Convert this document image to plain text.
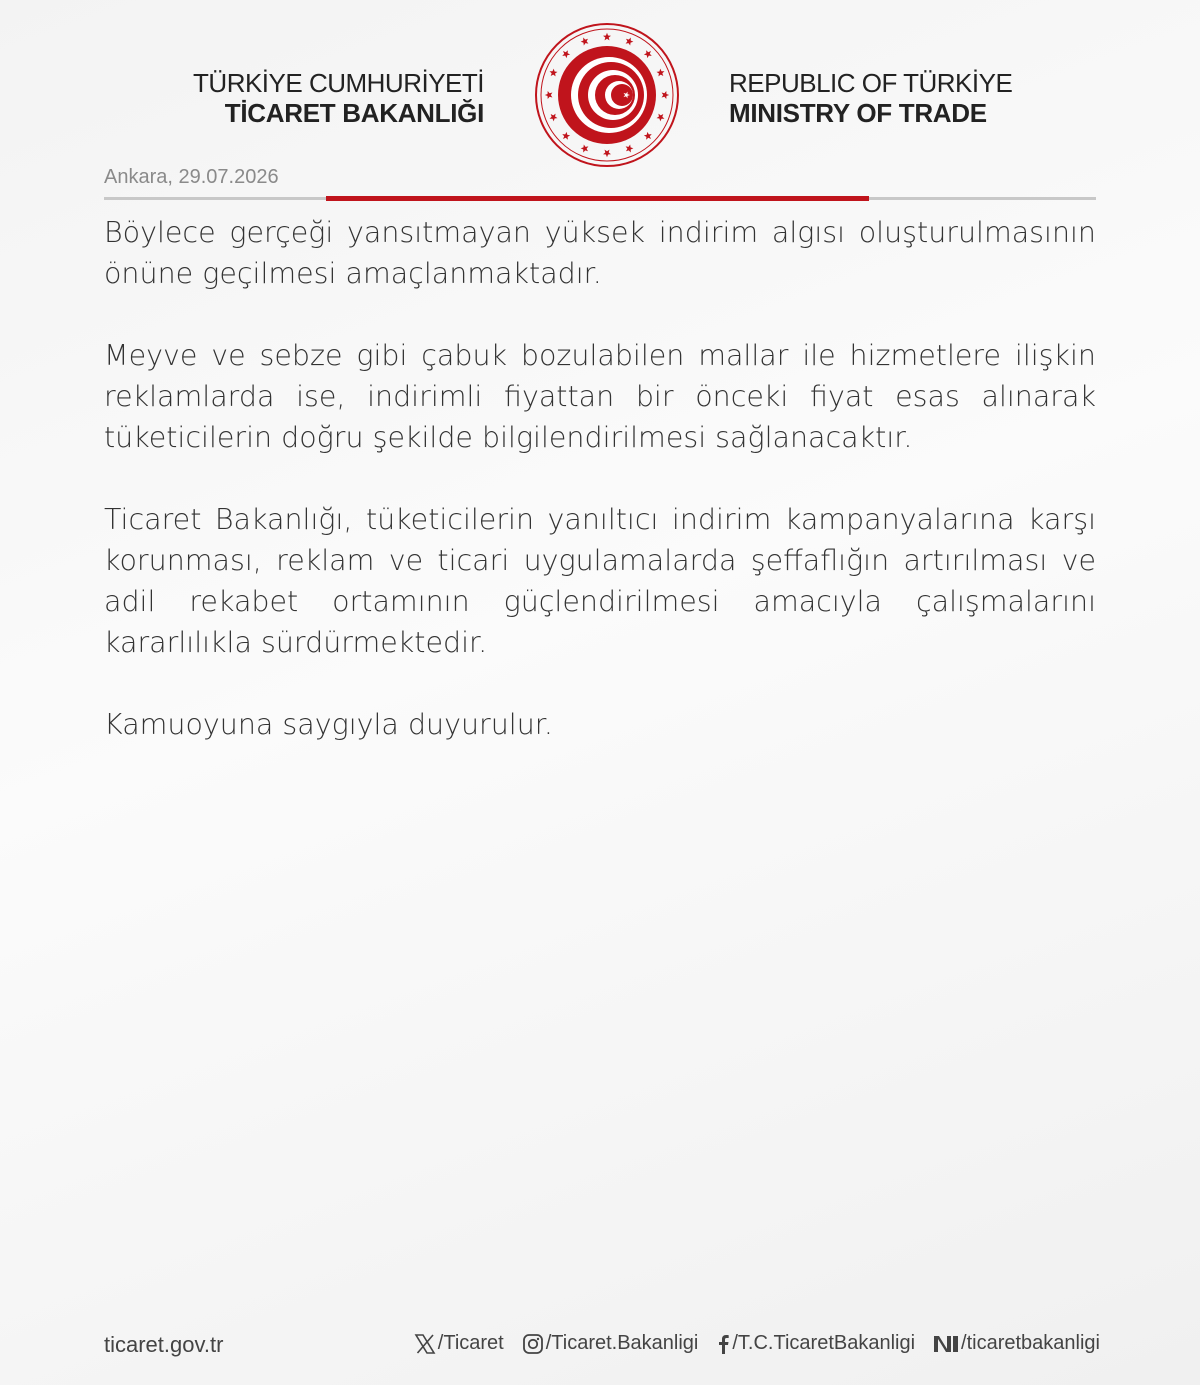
TÜRKİYE CUMHURİYETİ
TİCARET BAKANLIĞI
REPUBLIC OF TÜRKİYE
MINISTRY OF TRADE
Ankara, 29.07.2026

Böylece gerçeği yansıtmayan yüksek indirim algısı oluşturulmasının önüne geçilmesi amaçlanmaktadır.

Meyve ve sebze gibi çabuk bozulabilen mallar ile hizmetlere ilişkin reklamlarda ise, indirimli fiyattan bir önceki fiyat esas alınarak tüketicilerin doğru şekilde bilgilendirilmesi sağlanacaktır.

Ticaret Bakanlığı, tüketicilerin yanıltıcı indirim kampanyalarına karşı korunması, reklam ve ticari uygulamalarda şeffaflığın artırılması ve adil rekabet ortamının güçlendirilmesi amacıyla çalışmalarını kararlılıkla sürdürmektedir.

Kamuoyuna saygıyla duyurulur.

ticaret.gov.tr	/Ticaret /Ticaret.Bakanligi /T.C.TicaretBakanligi /ticaretbakanligi
